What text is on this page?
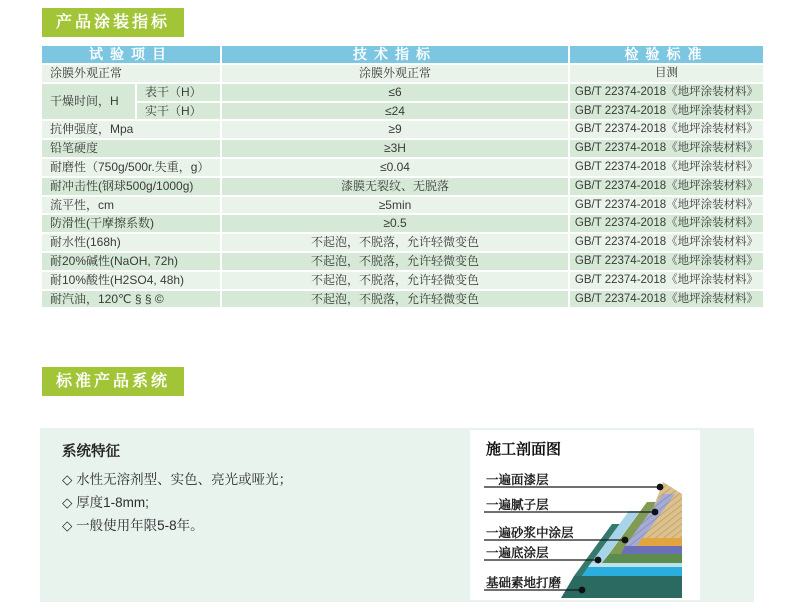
产品涂装指标
试验项目		技术指标	检验标准
涂膜外观正常		涂膜外观正常	目测
干燥时间，H	表干（H）	≤6	GB/T 22374-2018《地坪涂装材料》
	实干（H）	≤24	GB/T 22374-2018《地坪涂装材料》
抗伸强度，Mpa		≥9	GB/T 22374-2018《地坪涂装材料》
铅笔硬度		≥3H	GB/T 22374-2018《地坪涂装材料》
耐磨性（750g/500r.失重，g）		≤0.04	GB/T 22374-2018《地坪涂装材料》
耐冲击性(钢球500g/1000g)		漆膜无裂纹、无脱落	GB/T 22374-2018《地坪涂装材料》
流平性，cm		≥5min	GB/T 22374-2018《地坪涂装材料》
防滑性(干摩擦系数)		≥0.5	GB/T 22374-2018《地坪涂装材料》
耐水性(168h)		不起泡，不脱落，允许轻微变色	GB/T 22374-2018《地坪涂装材料》
耐20%碱性(NaOH, 72h)		不起泡，不脱落，允许轻微变色	GB/T 22374-2018《地坪涂装材料》
耐10%酸性(H2SO4, 48h)		不起泡，不脱落，允许轻微变色	GB/T 22374-2018《地坪涂装材料》
耐汽油，120℃ § § ©		不起泡，不脱落，允许轻微变色	GB/T 22374-2018《地坪涂装材料》
标准产品系统
系统特征
◇ 水性无溶剂型、实色、亮光或哑光；
◇ 厚度1-8mm;
◇ 一般使用年限5-8年。
施工剖面图
一遍面漆层
一遍腻子层
一遍砂浆中涂层
一遍底涂层
基础素地打磨
